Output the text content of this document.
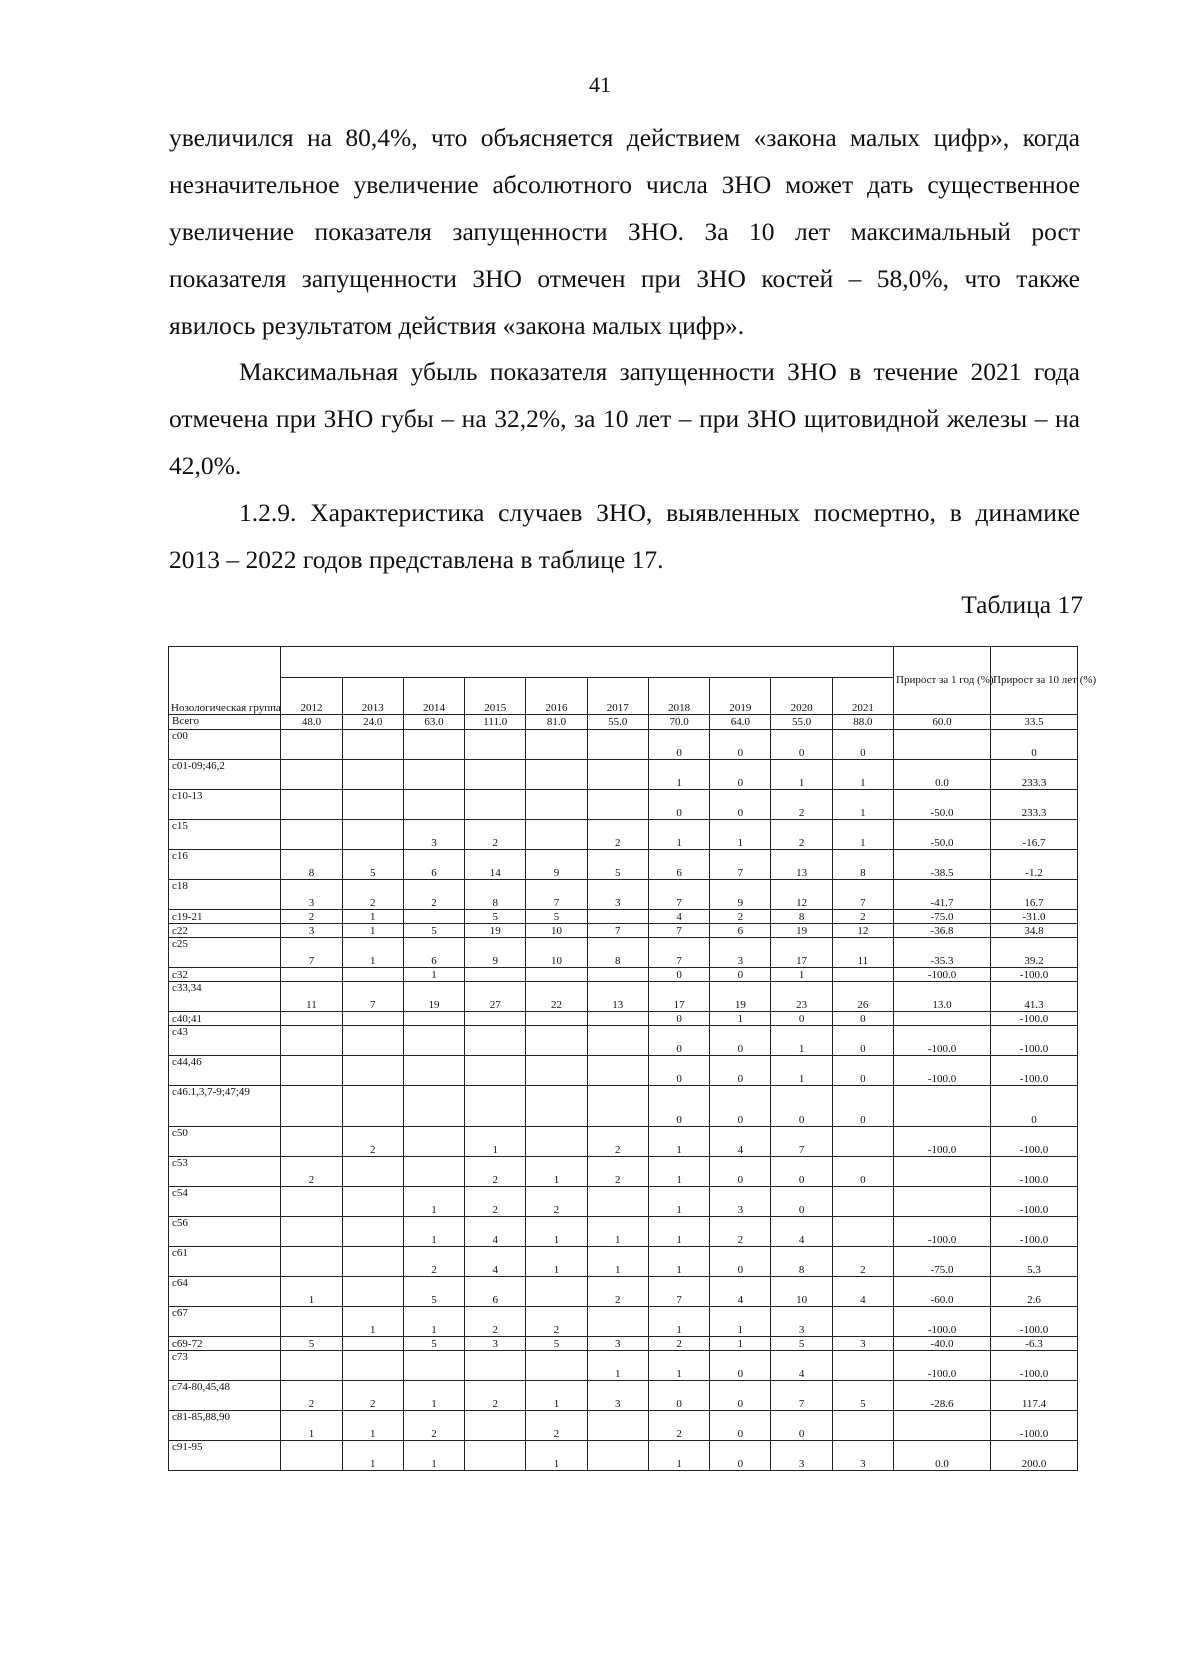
41

увеличился на 80,4%, что объясняется действием «закона малых цифр», когда незначительное увеличение абсолютного числа ЗНО может дать существенное увеличение показателя запущенности ЗНО. За 10 лет максимальный рост показателя запущенности ЗНО отмечен при ЗНО костей – 58,0%, что также явилось результатом действия «закона малых цифр».

Максимальная убыль показателя запущенности ЗНО в течение 2021 года отмечена при ЗНО губы – на 32,2%, за 10 лет – при ЗНО щитовидной железы – на 42,0%.

1.2.9. Характеристика случаев ЗНО, выявленных посмертно, в динамике 2013 – 2022 годов представлена в таблице 17.

Таблица 17
Нозологическая группа											Прирост за 1 год (%)	Прирост за 10 лет (%)
	2012	2013	2014	2015	2016	2017	2018	2019	2020	2021		
Всего	48.0	24.0	63.0	111.0	81.0	55.0	70.0	64.0	55.0	88.0	60.0	33.5
с00							0	0	0	0		0
с01-09;46,2							1	0	1	1	0.0	233.3
с10-13							0	0	2	1	-50.0	233.3
с15			3	2		2	1	1	2	1	-50.0	-16.7
с16	8	5	6	14	9	5	6	7	13	8	-38.5	-1.2
с18	3	2	2	8	7	3	7	9	12	7	-41.7	16.7
с19-21	2	1		5	5		4	2	8	2	-75.0	-31.0
с22	3	1	5	19	10	7	7	6	19	12	-36.8	34.8
с25	7	1	6	9	10	8	7	3	17	11	-35.3	39.2
с32			1				0	0	1		-100.0	-100.0
с33,34	11	7	19	27	22	13	17	19	23	26	13.0	41.3
с40;41							0	1	0	0		-100.0
с43							0	0	1	0	-100.0	-100.0
с44,46							0	0	1	0	-100.0	-100.0
с46.1,3,7-9;47;49							0	0	0	0		0
с50		2		1		2	1	4	7		-100.0	-100.0
с53	2			2	1	2	1	0	0	0		-100.0
с54			1	2	2		1	3	0			-100.0
с56			1	4	1	1	1	2	4		-100.0	-100.0
с61			2	4	1	1	1	0	8	2	-75.0	5.3
с64	1		5	6		2	7	4	10	4	-60.0	2.6
с67		1	1	2	2		1	1	3		-100.0	-100.0
с69-72	5		5	3	5	3	2	1	5	3	-40.0	-6.3
с73						1	1	0	4		-100.0	-100.0
с74-80,45,48	2	2	1	2	1	3	0	0	7	5	-28.6	117.4
с81-85,88,90	1	1	2		2		2	0	0			-100.0
с91-95		1	1		1		1	0	3	3	0.0	200.0
